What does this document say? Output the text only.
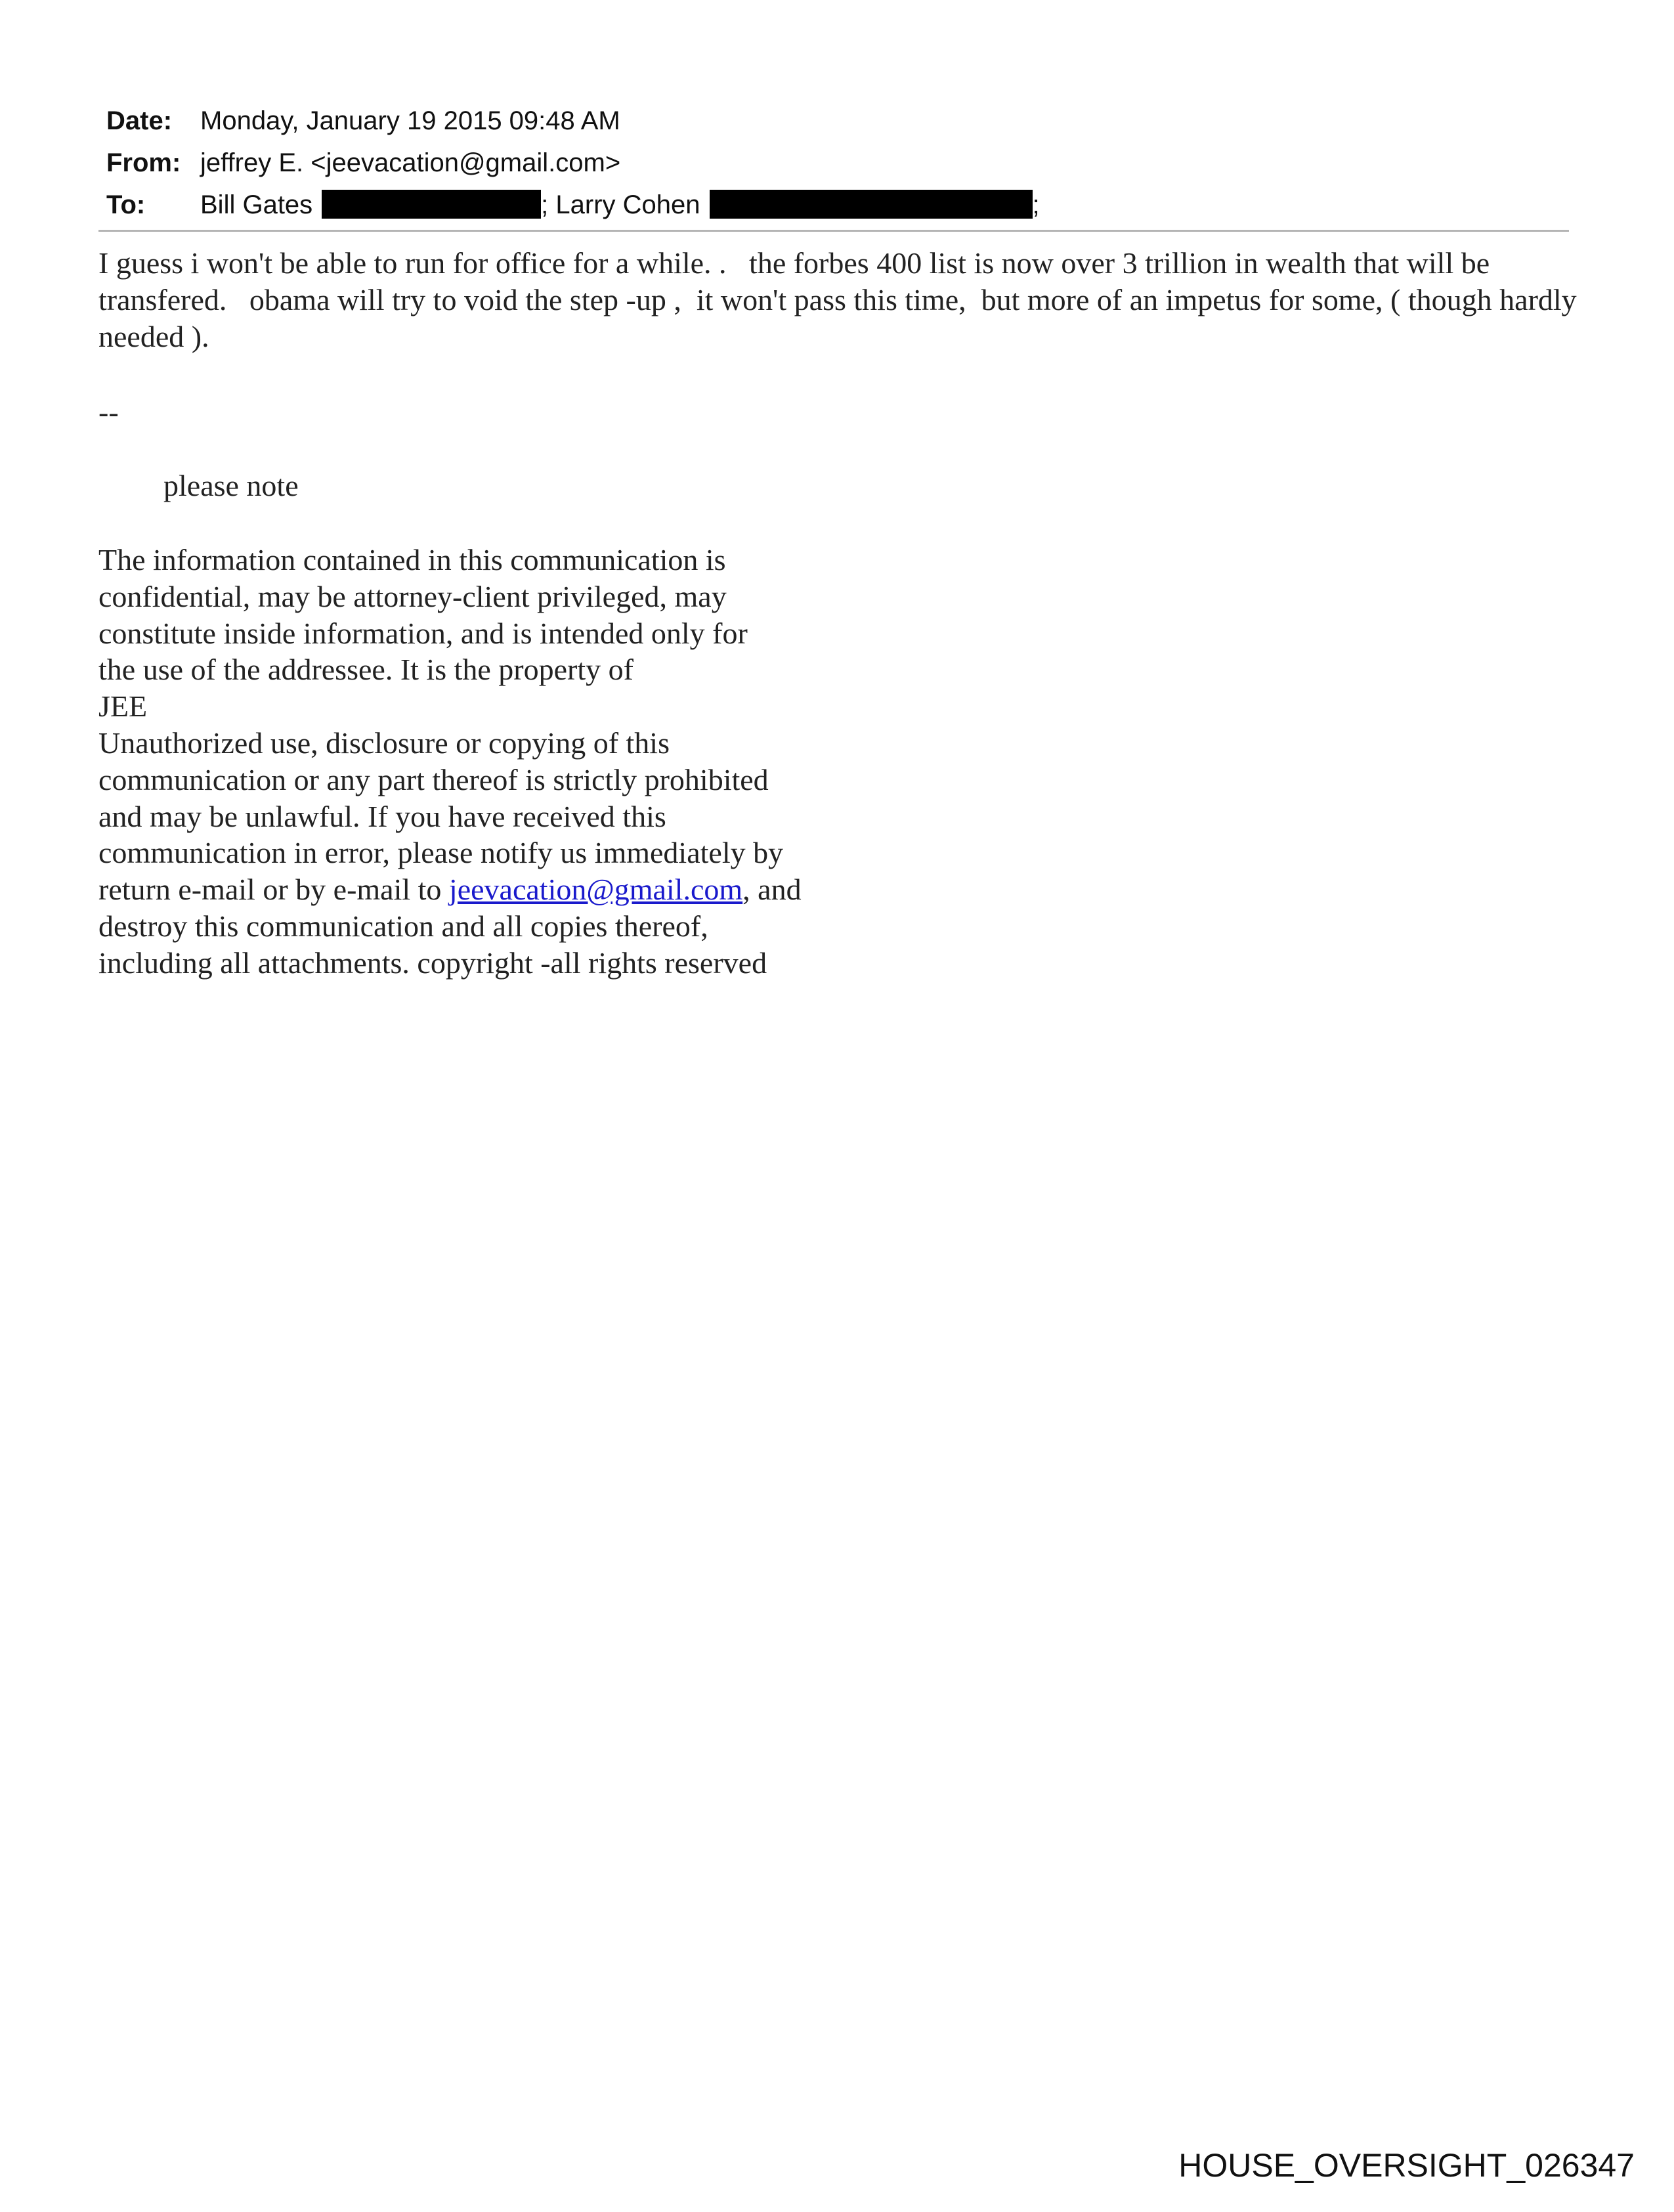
Date: Monday, January 19 2015 09:48 AM
From: jeffrey E. <jeevacation@gmail.com>
To: Bill Gates	; Larry Cohen	;

I guess i won't be able to run for office for a while. .   the forbes 400 list is now over 3 trillion in wealth that will be transfered.   obama will try to void the step -up ,  it won't pass this time,  but more of an impetus for some, ( though hardly needed ).

--
please note
The information contained in this communication is
confidential, may be attorney-client privileged, may
constitute inside information, and is intended only for
the use of the addressee. It is the property of
JEE
Unauthorized use, disclosure or copying of this
communication or any part thereof is strictly prohibited
and may be unlawful. If you have received this
communication in error, please notify us immediately by
return e-mail or by e-mail to jeevacation@gmail.com, and
destroy this communication and all copies thereof,
including all attachments. copyright -all rights reserved
HOUSE_OVERSIGHT_026347
